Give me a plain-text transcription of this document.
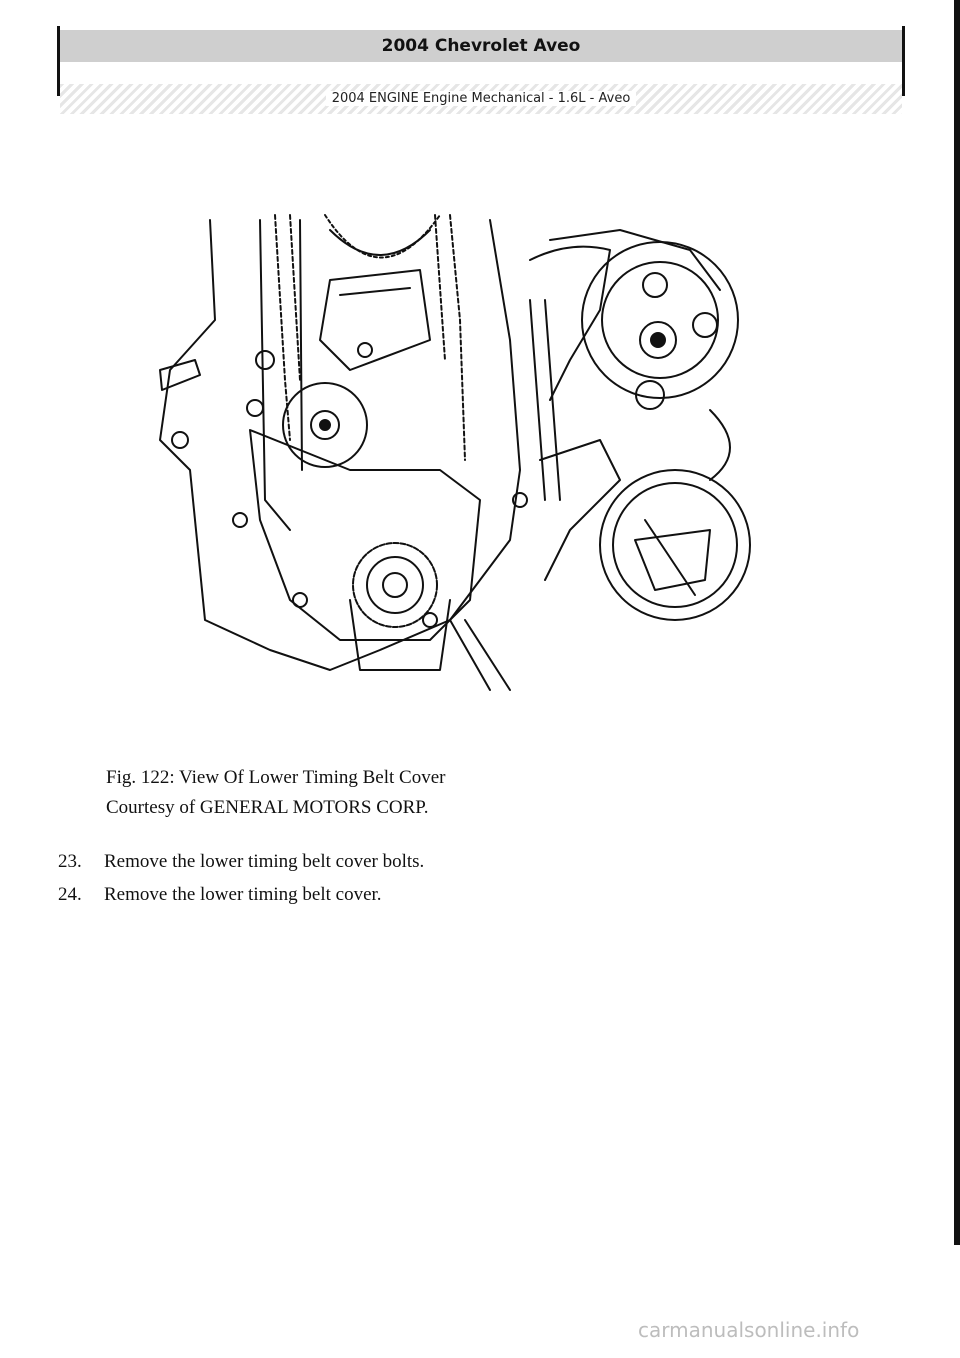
2004 Chevrolet Aveo
2004 ENGINE Engine Mechanical - 1.6L - Aveo
Fig. 122: View Of Lower Timing Belt Cover
Courtesy of GENERAL MOTORS CORP.
23.	Remove the lower timing belt cover bolts.
24.	Remove the lower timing belt cover.
carmanualsonline.info
